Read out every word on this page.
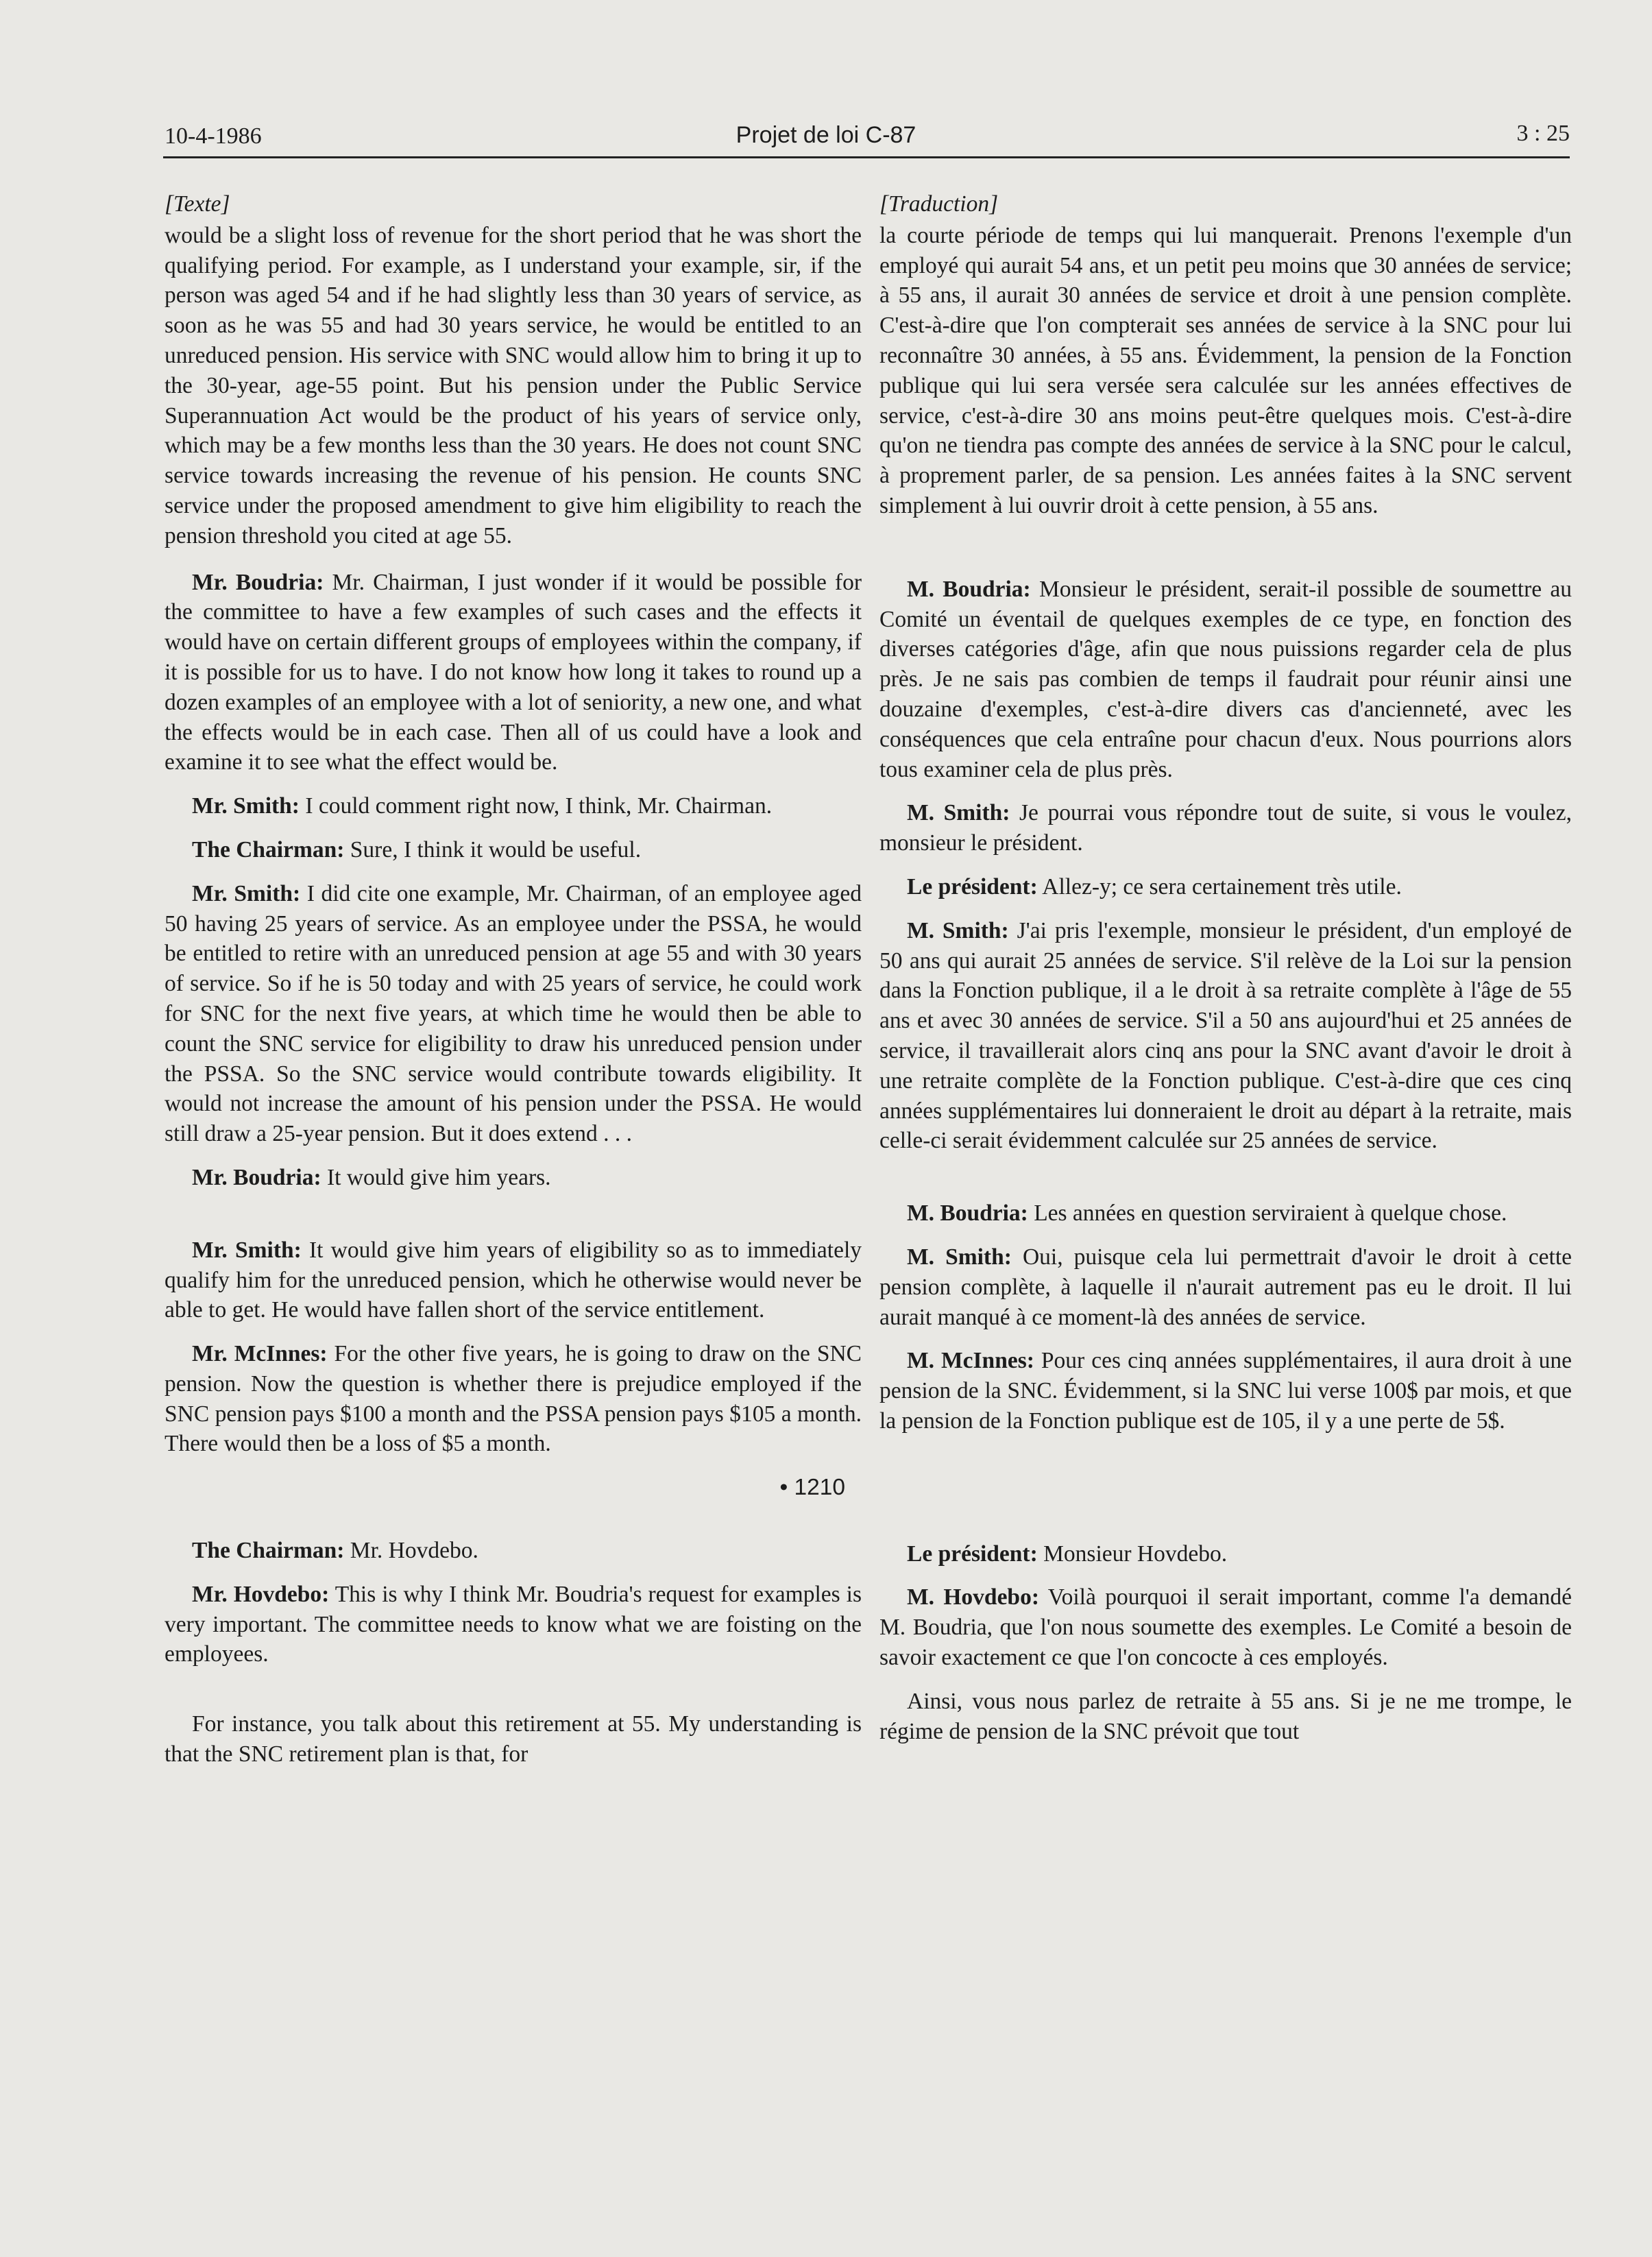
10-4-1986	Projet de loi C-87	3 : 25
[Texte]

would be a slight loss of revenue for the short period that he was short the qualifying period. For example, as I understand your example, sir, if the person was aged 54 and if he had slightly less than 30 years of service, as soon as he was 55 and had 30 years service, he would be entitled to an unreduced pension. His service with SNC would allow him to bring it up to the 30-year, age-55 point. But his pension under the Public Service Superannuation Act would be the product of his years of service only, which may be a few months less than the 30 years. He does not count SNC service towards increasing the revenue of his pension. He counts SNC service under the proposed amendment to give him eligibility to reach the pension threshold you cited at age 55.

Mr. Boudria: Mr. Chairman, I just wonder if it would be possible for the committee to have a few examples of such cases and the effects it would have on certain different groups of employees within the company, if it is possible for us to have. I do not know how long it takes to round up a dozen examples of an employee with a lot of seniority, a new one, and what the effects would be in each case. Then all of us could have a look and examine it to see what the effect would be.

Mr. Smith: I could comment right now, I think, Mr. Chairman.

The Chairman: Sure, I think it would be useful.

Mr. Smith: I did cite one example, Mr. Chairman, of an employee aged 50 having 25 years of service. As an employee under the PSSA, he would be entitled to retire with an unreduced pension at age 55 and with 30 years of service. So if he is 50 today and with 25 years of service, he could work for SNC for the next five years, at which time he would then be able to count the SNC service for eligibility to draw his unreduced pension under the PSSA. So the SNC service would contribute towards eligibility. It would not increase the amount of his pension under the PSSA. He would still draw a 25-year pension. But it does extend . . .

Mr. Boudria: It would give him years.

Mr. Smith: It would give him years of eligibility so as to immediately qualify him for the unreduced pension, which he otherwise would never be able to get. He would have fallen short of the service entitlement.

Mr. McInnes: For the other five years, he is going to draw on the SNC pension. Now the question is whether there is prejudice employed if the SNC pension pays $100 a month and the PSSA pension pays $105 a month. There would then be a loss of $5 a month.

• 1210

The Chairman: Mr. Hovdebo.

Mr. Hovdebo: This is why I think Mr. Boudria's request for examples is very important. The committee needs to know what we are foisting on the employees.

For instance, you talk about this retirement at 55. My understanding is that the SNC retirement plan is that, for

[Traduction]

la courte période de temps qui lui manquerait. Prenons l'exemple d'un employé qui aurait 54 ans, et un petit peu moins que 30 années de service; à 55 ans, il aurait 30 années de service et droit à une pension complète. C'est-à-dire que l'on compterait ses années de service à la SNC pour lui reconnaître 30 années, à 55 ans. Évidemment, la pension de la Fonction publique qui lui sera versée sera calculée sur les années effectives de service, c'est-à-dire 30 ans moins peut-être quelques mois. C'est-à-dire qu'on ne tiendra pas compte des années de service à la SNC pour le calcul, à proprement parler, de sa pension. Les années faites à la SNC servent simplement à lui ouvrir droit à cette pension, à 55 ans.

M. Boudria: Monsieur le président, serait-il possible de soumettre au Comité un éventail de quelques exemples de ce type, en fonction des diverses catégories d'âge, afin que nous puissions regarder cela de plus près. Je ne sais pas combien de temps il faudrait pour réunir ainsi une douzaine d'exemples, c'est-à-dire divers cas d'ancienneté, avec les conséquences que cela entraîne pour chacun d'eux. Nous pourrions alors tous examiner cela de plus près.

M. Smith: Je pourrai vous répondre tout de suite, si vous le voulez, monsieur le président.

Le président: Allez-y; ce sera certainement très utile.

M. Smith: J'ai pris l'exemple, monsieur le président, d'un employé de 50 ans qui aurait 25 années de service. S'il relève de la Loi sur la pension dans la Fonction publique, il a le droit à sa retraite complète à l'âge de 55 ans et avec 30 années de service. S'il a 50 ans aujourd'hui et 25 années de service, il travaillerait alors cinq ans pour la SNC avant d'avoir le droit à une retraite complète de la Fonction publique. C'est-à-dire que ces cinq années supplémentaires lui donneraient le droit au départ à la retraite, mais celle-ci serait évidemment calculée sur 25 années de service.

M. Boudria: Les années en question serviraient à quelque chose.

M. Smith: Oui, puisque cela lui permettrait d'avoir le droit à cette pension complète, à laquelle il n'aurait autrement pas eu le droit. Il lui aurait manqué à ce moment-là des années de service.

M. McInnes: Pour ces cinq années supplémentaires, il aura droit à une pension de la SNC. Évidemment, si la SNC lui verse 100$ par mois, et que la pension de la Fonction publique est de 105, il y a une perte de 5$.

Le président: Monsieur Hovdebo.

M. Hovdebo: Voilà pourquoi il serait important, comme l'a demandé M. Boudria, que l'on nous soumette des exemples. Le Comité a besoin de savoir exactement ce que l'on concocte à ces employés.

Ainsi, vous nous parlez de retraite à 55 ans. Si je ne me trompe, le régime de pension de la SNC prévoit que tout
